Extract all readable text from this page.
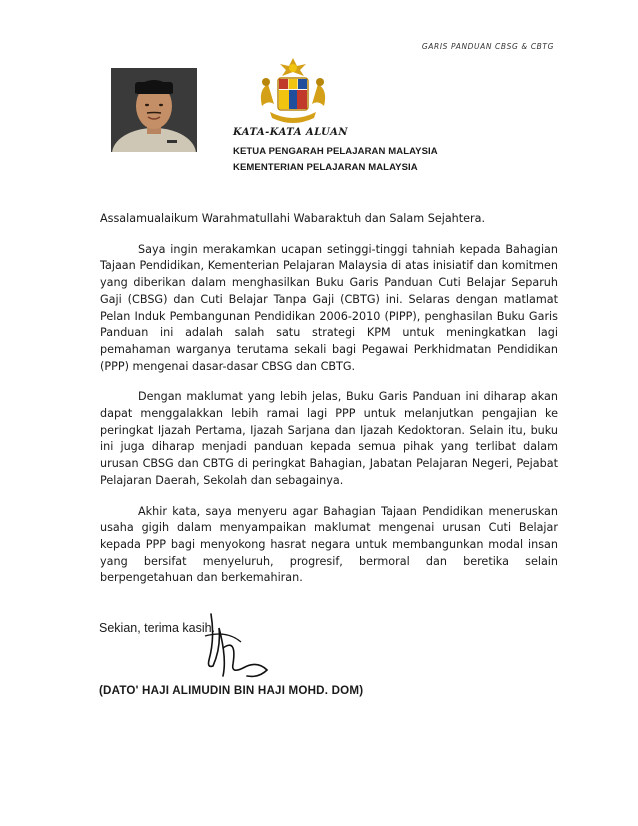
GARIS PANDUAN CBSG & CBTG
KATA-KATA ALUAN
KETUA PENGARAH PELAJARAN MALAYSIA
KEMENTERIAN PELAJARAN MALAYSIA

Assalamualaikum Warahmatullahi Wabaraktuh dan Salam Sejahtera.

Saya ingin merakamkan ucapan setinggi-tinggi tahniah kepada Bahagian Tajaan Pendidikan, Kementerian Pelajaran Malaysia di atas inisiatif dan komitmen yang diberikan dalam menghasilkan Buku Garis Panduan Cuti Belajar Separuh Gaji (CBSG) dan Cuti Belajar Tanpa Gaji (CBTG) ini. Selaras dengan matlamat Pelan Induk Pembangunan Pendidikan 2006-2010 (PIPP), penghasilan Buku Garis Panduan ini adalah salah satu strategi KPM untuk meningkatkan lagi pemahaman warganya terutama sekali bagi Pegawai Perkhidmatan Pendidikan (PPP) mengenai dasar-dasar CBSG dan CBTG.

Dengan maklumat yang lebih jelas, Buku Garis Panduan ini diharap akan dapat menggalakkan lebih ramai lagi PPP untuk melanjutkan pengajian ke peringkat Ijazah Pertama, Ijazah Sarjana dan Ijazah Kedoktoran. Selain itu, buku ini juga diharap menjadi panduan kepada semua pihak yang terlibat dalam urusan CBSG dan CBTG di peringkat Bahagian, Jabatan Pelajaran Negeri, Pejabat Pelajaran Daerah, Sekolah dan sebagainya.

Akhir kata, saya menyeru agar Bahagian Tajaan Pendidikan meneruskan usaha gigih dalam menyampaikan maklumat mengenai urusan Cuti Belajar kepada PPP bagi menyokong hasrat negara untuk membangunkan modal insan yang bersifat menyeluruh, progresif, bermoral dan beretika selain berpengetahuan dan berkemahiran.

Sekian, terima kasih.
(DATO' HAJI ALIMUDIN BIN HAJI MOHD. DOM)
